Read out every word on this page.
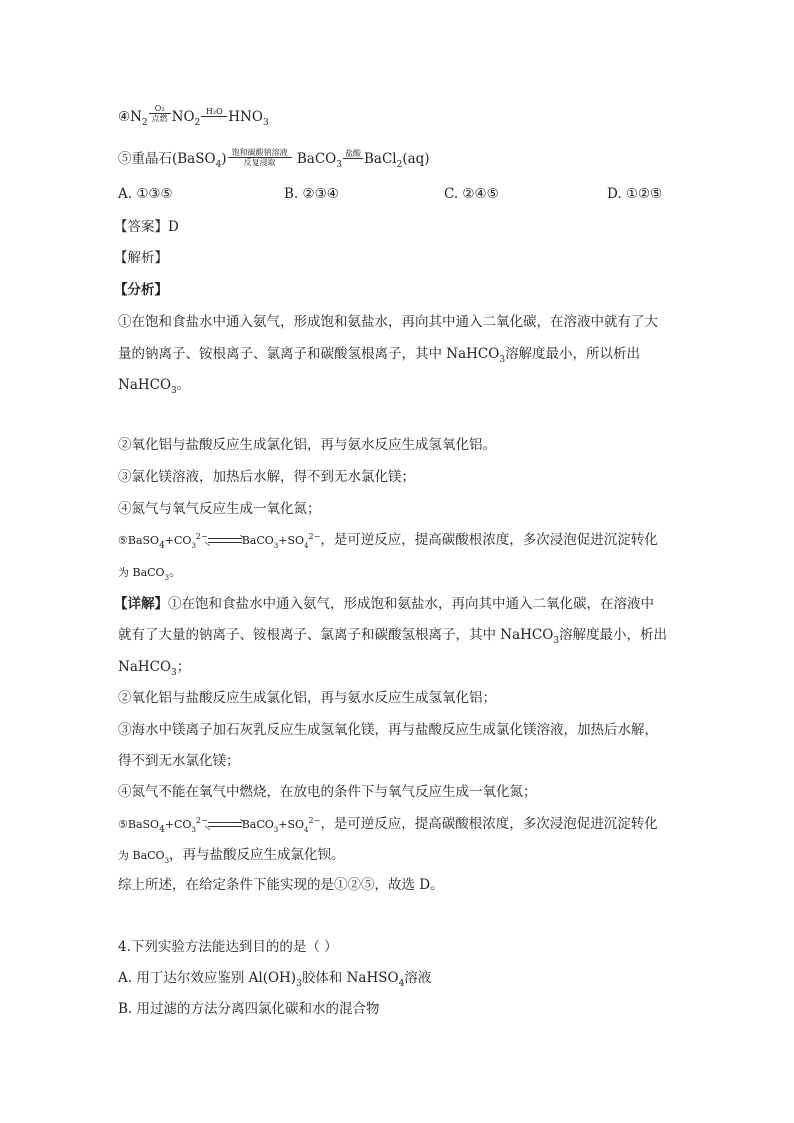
$④N_2$
O₂
点燃 $NO_2$
H₂O $HNO_3$
⑤重晶石(BaSO$_4$) 饱和碳酸钠溶液
反复浸取	BaCO$_3$
盐酸 BaCl$_2$(aq)
A. ①③⑤	B. ②③④	C. ②④⑤	D. ①②⑤
【答案】D
【解析】
【分析】
①在饱和食盐水中通入氨气，形成饱和氨盐水，再向其中通入二氧化碳，在溶液中就有了大
量的钠离子、铵根离子、氯离子和碳酸氢根离子，其中 NaHCO$_3$溶解度最小，所以析出
NaHCO$_3$。
②氧化铝与盐酸反应生成氯化铝，再与氨水反应生成氢氧化铝。
③氯化镁溶液，加热后水解，得不到无水氯化镁；
④氮气与氧气反应生成一氧化氮；
$⑤BaSO_4+CO_3^{2-}$	$BaCO_3+SO_4^{2-}$，是可逆反应，提高碳酸根浓度，多次浸泡促进沉淀转化
为 BaCO$_3$。
【详解】①在饱和食盐水中通入氨气，形成饱和氨盐水，再向其中通入二氧化碳，在溶液中
就有了大量的钠离子、铵根离子、氯离子和碳酸氢根离子，其中 NaHCO$_3$溶解度最小，析出
NaHCO$_3$；
②氧化铝与盐酸反应生成氯化铝，再与氨水反应生成氢氧化铝；
③海水中镁离子加石灰乳反应生成氢氧化镁，再与盐酸反应生成氯化镁溶液，加热后水解，
得不到无水氯化镁；
④氮气不能在氧气中燃烧，在放电的条件下与氧气反应生成一氧化氮；
$⑤BaSO_4+CO_3^{2-}$	$BaCO_3+SO_4^{2-}$，是可逆反应，提高碳酸根浓度，多次浸泡促进沉淀转化
为 BaCO$_3$，再与盐酸反应生成氯化钡。
综上所述，在给定条件下能实现的是①②⑤，故选 D。
4.下列实验方法能达到目的的是（ ）
A. 用丁达尔效应鉴别 $Al(OH)_3$胶体和 NaHSO$_4$溶液
B. 用过滤的方法分离四氯化碳和水的混合物
